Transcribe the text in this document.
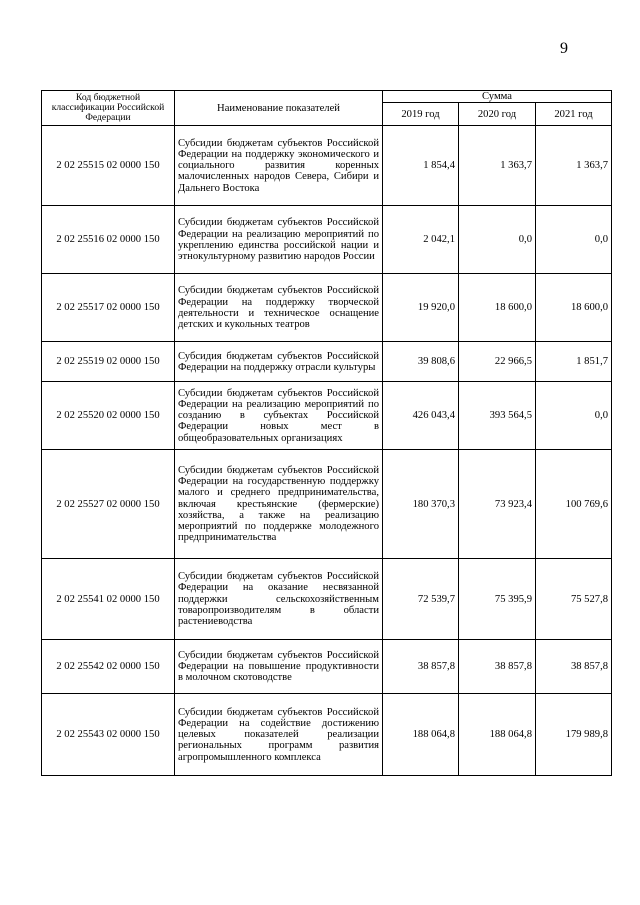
9
Код бюджетной классификации Российской Федерации	Наименование показателей	Сумма		
		2019 год	2020 год	2021 год
2 02 25515 02 0000 150	Субсидии бюджетам субъектов Российской Федерации на поддержку экономического и социального развития коренных малочисленных народов Севера, Сибири и Дальнего Востока	1 854,4	1 363,7	1 363,7
2 02 25516 02 0000 150	Субсидии бюджетам субъектов Российской Федерации на реализацию мероприятий по укреплению единства российской нации и этнокультурному развитию народов России	2 042,1	0,0	0,0
2 02 25517 02 0000 150	Субсидии бюджетам субъектов Российской Федерации на поддержку творческой деятельности и техническое оснащение детских и кукольных театров	19 920,0	18 600,0	18 600,0
2 02 25519 02 0000 150	Субсидия бюджетам субъектов Российской Федерации на поддержку отрасли культуры	39 808,6	22 966,5	1 851,7
2 02 25520 02 0000 150	Субсидии бюджетам субъектов Российской Федерации на реализацию мероприятий по созданию в субъектах Российской Федерации новых мест в общеобразовательных организациях	426 043,4	393 564,5	0,0
2 02 25527 02 0000 150	Субсидии бюджетам субъектов Российской Федерации на государственную поддержку малого и среднего предпринимательства, включая крестьянские (фермерские) хозяйства, а также на реализацию мероприятий по поддержке молодежного предпринимательства	180 370,3	73 923,4	100 769,6
2 02 25541 02 0000 150	Субсидии бюджетам субъектов Российской Федерации на оказание несвязанной поддержки сельскохозяйственным товаропроизводителям в области растениеводства	72 539,7	75 395,9	75 527,8
2 02 25542 02 0000 150	Субсидии бюджетам субъектов Российской Федерации на повышение продуктивности в молочном скотоводстве	38 857,8	38 857,8	38 857,8
2 02 25543 02 0000 150	Субсидии бюджетам субъектов Российской Федерации на содействие достижению целевых показателей реализации региональных программ развития агропромышленного комплекса	188 064,8	188 064,8	179 989,8
